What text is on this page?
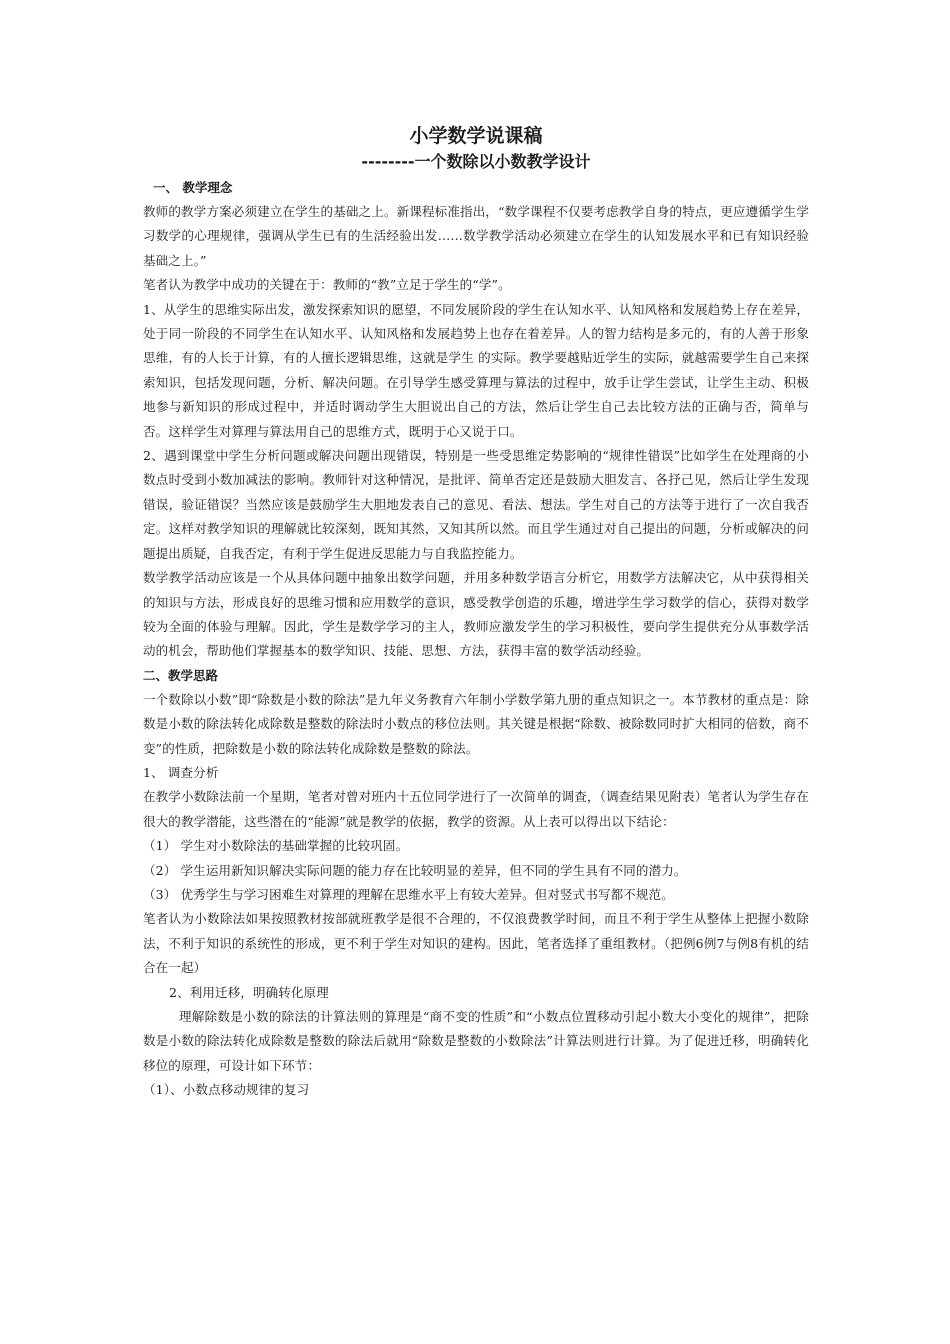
小学数学说课稿
--------一个数除以小数教学设计
一、 教学理念

教师的教学方案必须建立在学生的基础之上。新课程标准指出，“数学课程不仅要考虑教学自身的特点，更应遵循学生学习数学的心理规律，强调从学生已有的生活经验出发……数学教学活动必须建立在学生的认知发展水平和已有知识经验基础之上。”

笔者认为教学中成功的关键在于：教师的“教”立足于学生的“学”。

1、从学生的思维实际出发，激发探索知识的愿望，不同发展阶段的学生在认知水平、认知风格和发展趋势上存在差异，处于同一阶段的不同学生在认知水平、认知风格和发展趋势上也存在着差异。人的智力结构是多元的，有的人善于形象思维，有的人长于计算，有的人擅长逻辑思维，这就是学生 的实际。教学要越贴近学生的实际，就越需要学生自己来探索知识，包括发现问题，分析、解决问题。在引导学生感受算理与算法的过程中，放手让学生尝试，让学生主动、积极地参与新知识的形成过程中，并适时调动学生大胆说出自己的方法，然后让学生自己去比较方法的正确与否，简单与否。这样学生对算理与算法用自己的思维方式，既明于心又说于口。

2、遇到课堂中学生分析问题或解决问题出现错误，特别是一些受思维定势影响的“规律性错误”比如学生在处理商的小数点时受到小数加减法的影响。教师针对这种情况，是批评、简单否定还是鼓励大胆发言、各抒己见，然后让学生发现错误，验证错误？当然应该是鼓励学生大胆地发表自己的意见、看法、想法。学生对自己的方法等于进行了一次自我否定。这样对教学知识的理解就比较深刻，既知其然，又知其所以然。而且学生通过对自己提出的问题，分析或解决的问题提出质疑，自我否定，有利于学生促进反思能力与自我监控能力。

数学教学活动应该是一个从具体问题中抽象出数学问题，并用多种数学语言分析它，用数学方法解决它，从中获得相关的知识与方法，形成良好的思维习惯和应用数学的意识，感受教学创造的乐趣，增进学生学习数学的信心，获得对数学较为全面的体验与理解。因此，学生是数学学习的主人，教师应激发学生的学习积极性，要向学生提供充分从事数学活动的机会，帮助他们掌握基本的数学知识、技能、思想、方法，获得丰富的数学活动经验。

二、教学思路

一个数除以小数”即“除数是小数的除法”是九年义务教育六年制小学数学第九册的重点知识之一。本节教材的重点是：除数是小数的除法转化成除数是整数的除法时小数点的移位法则。其关键是根据“除数、被除数同时扩大相同的倍数，商不变”的性质，把除数是小数的除法转化成除数是整数的除法。

1、 调查分析

在教学小数除法前一个星期，笔者对曾对班内十五位同学进行了一次简单的调查，（调查结果见附表）笔者认为学生存在很大的教学潜能，这些潜在的“能源”就是教学的依据，教学的资源。从上表可以得出以下结论：

（1） 学生对小数除法的基础掌握的比较巩固。

（2） 学生运用新知识解决实际问题的能力存在比较明显的差异，但不同的学生具有不同的潜力。

（3） 优秀学生与学习困难生对算理的理解在思维水平上有较大差异。但对竖式书写都不规范。

笔者认为小数除法如果按照教材按部就班教学是很不合理的，不仅浪费教学时间，而且不利于学生从整体上把握小数除法，不利于知识的系统性的形成，更不利于学生对知识的建构。因此，笔者选择了重组教材。（把例6例7与例8有机的结合在一起）

2、利用迁移，明确转化原理

理解除数是小数的除法的计算法则的算理是“商不变的性质”和“小数点位置移动引起小数大小变化的规律”，把除数是小数的除法转化成除数是整数的除法后就用“除数是整数的小数除法”计算法则进行计算。为了促进迁移，明确转化移位的原理，可设计如下环节：

（1）、小数点移动规律的复习
